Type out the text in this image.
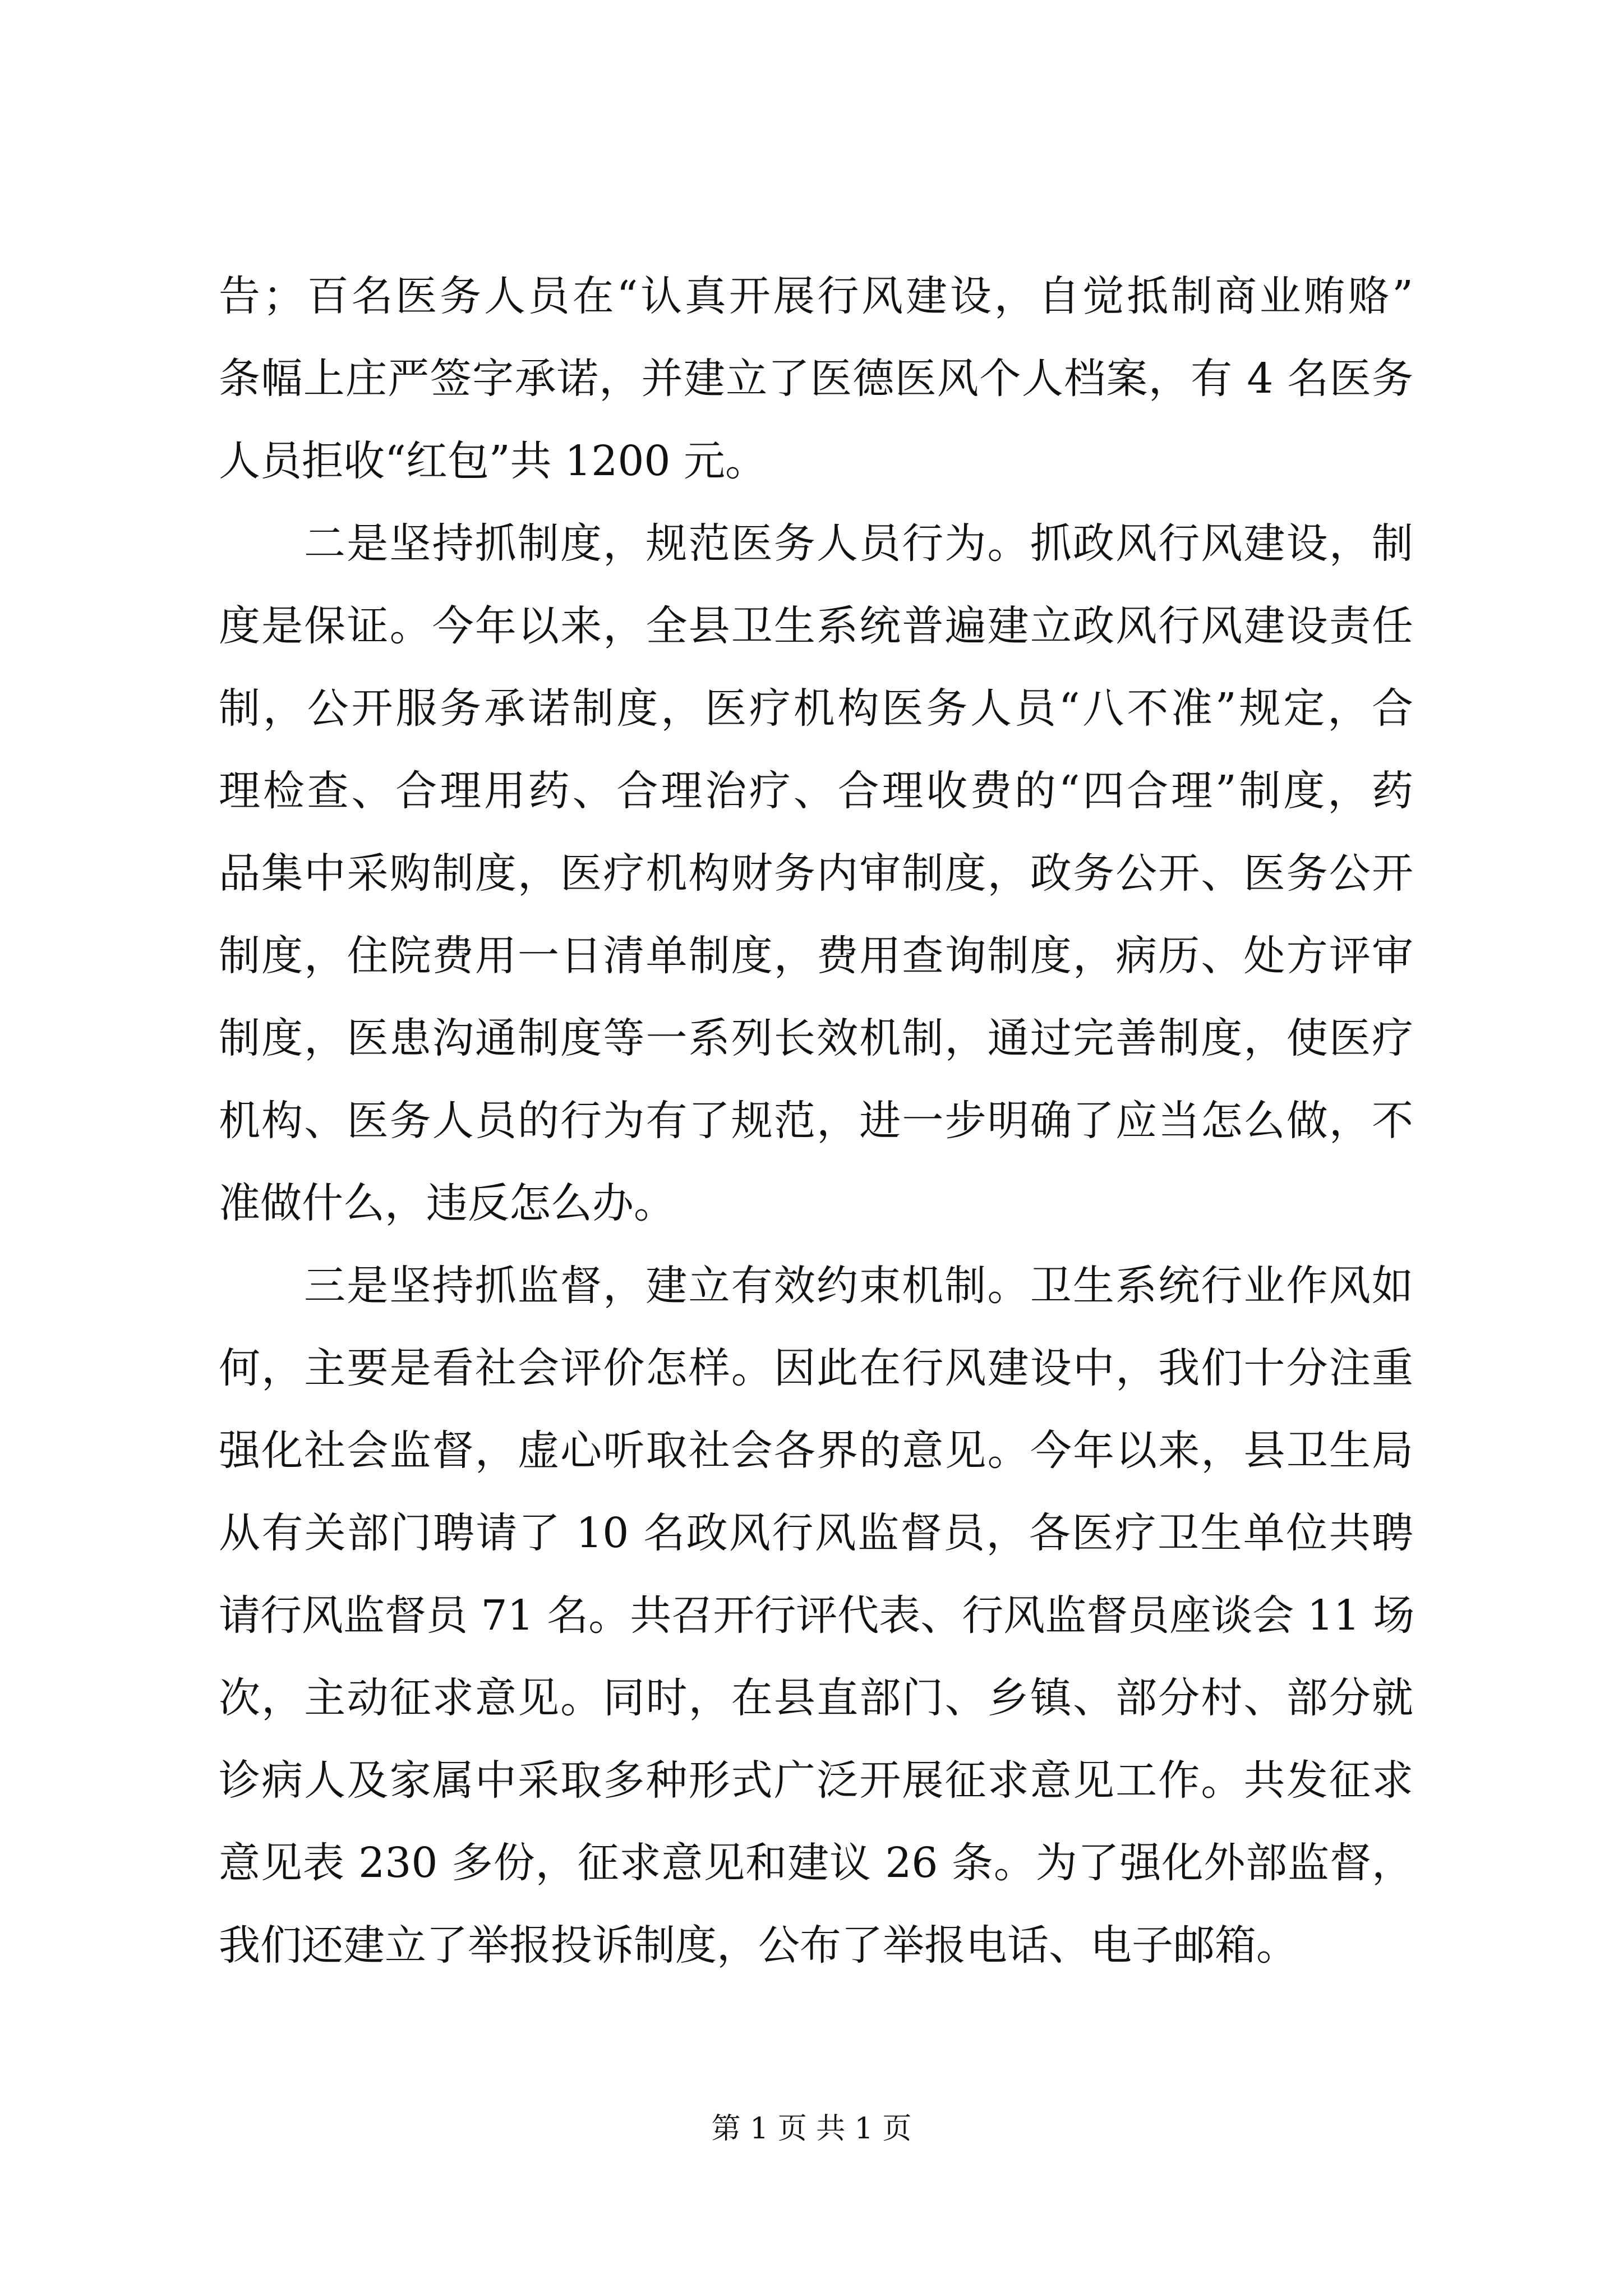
告；百名医务人员在“认真开展行风建设，自觉抵制商业贿赂”
条幅上庄严签字承诺，并建立了医德医风个人档案，有 4 名医务
人员拒收“红包”共 1200 元。
二是坚持抓制度，规范医务人员行为。抓政风行风建设，制
度是保证。今年以来，全县卫生系统普遍建立政风行风建设责任
制，公开服务承诺制度，医疗机构医务人员“八不准”规定，合
理检查、合理用药、合理治疗、合理收费的“四合理”制度，药
品集中采购制度，医疗机构财务内审制度，政务公开、医务公开
制度，住院费用一日清单制度，费用查询制度，病历、处方评审
制度，医患沟通制度等一系列长效机制，通过完善制度，使医疗
机构、医务人员的行为有了规范，进一步明确了应当怎么做，不
准做什么，违反怎么办。
三是坚持抓监督，建立有效约束机制。卫生系统行业作风如
何，主要是看社会评价怎样。因此在行风建设中，我们十分注重
强化社会监督，虚心听取社会各界的意见。今年以来，县卫生局
从有关部门聘请了 10 名政风行风监督员，各医疗卫生单位共聘
请行风监督员 71 名。共召开行评代表、行风监督员座谈会 11 场
次，主动征求意见。同时，在县直部门、乡镇、部分村、部分就
诊病人及家属中采取多种形式广泛开展征求意见工作。共发征求
意见表 230 多份，征求意见和建议 26 条。为了强化外部监督，
我们还建立了举报投诉制度，公布了举报电话、电子邮箱。
第 1 页 共 1 页
